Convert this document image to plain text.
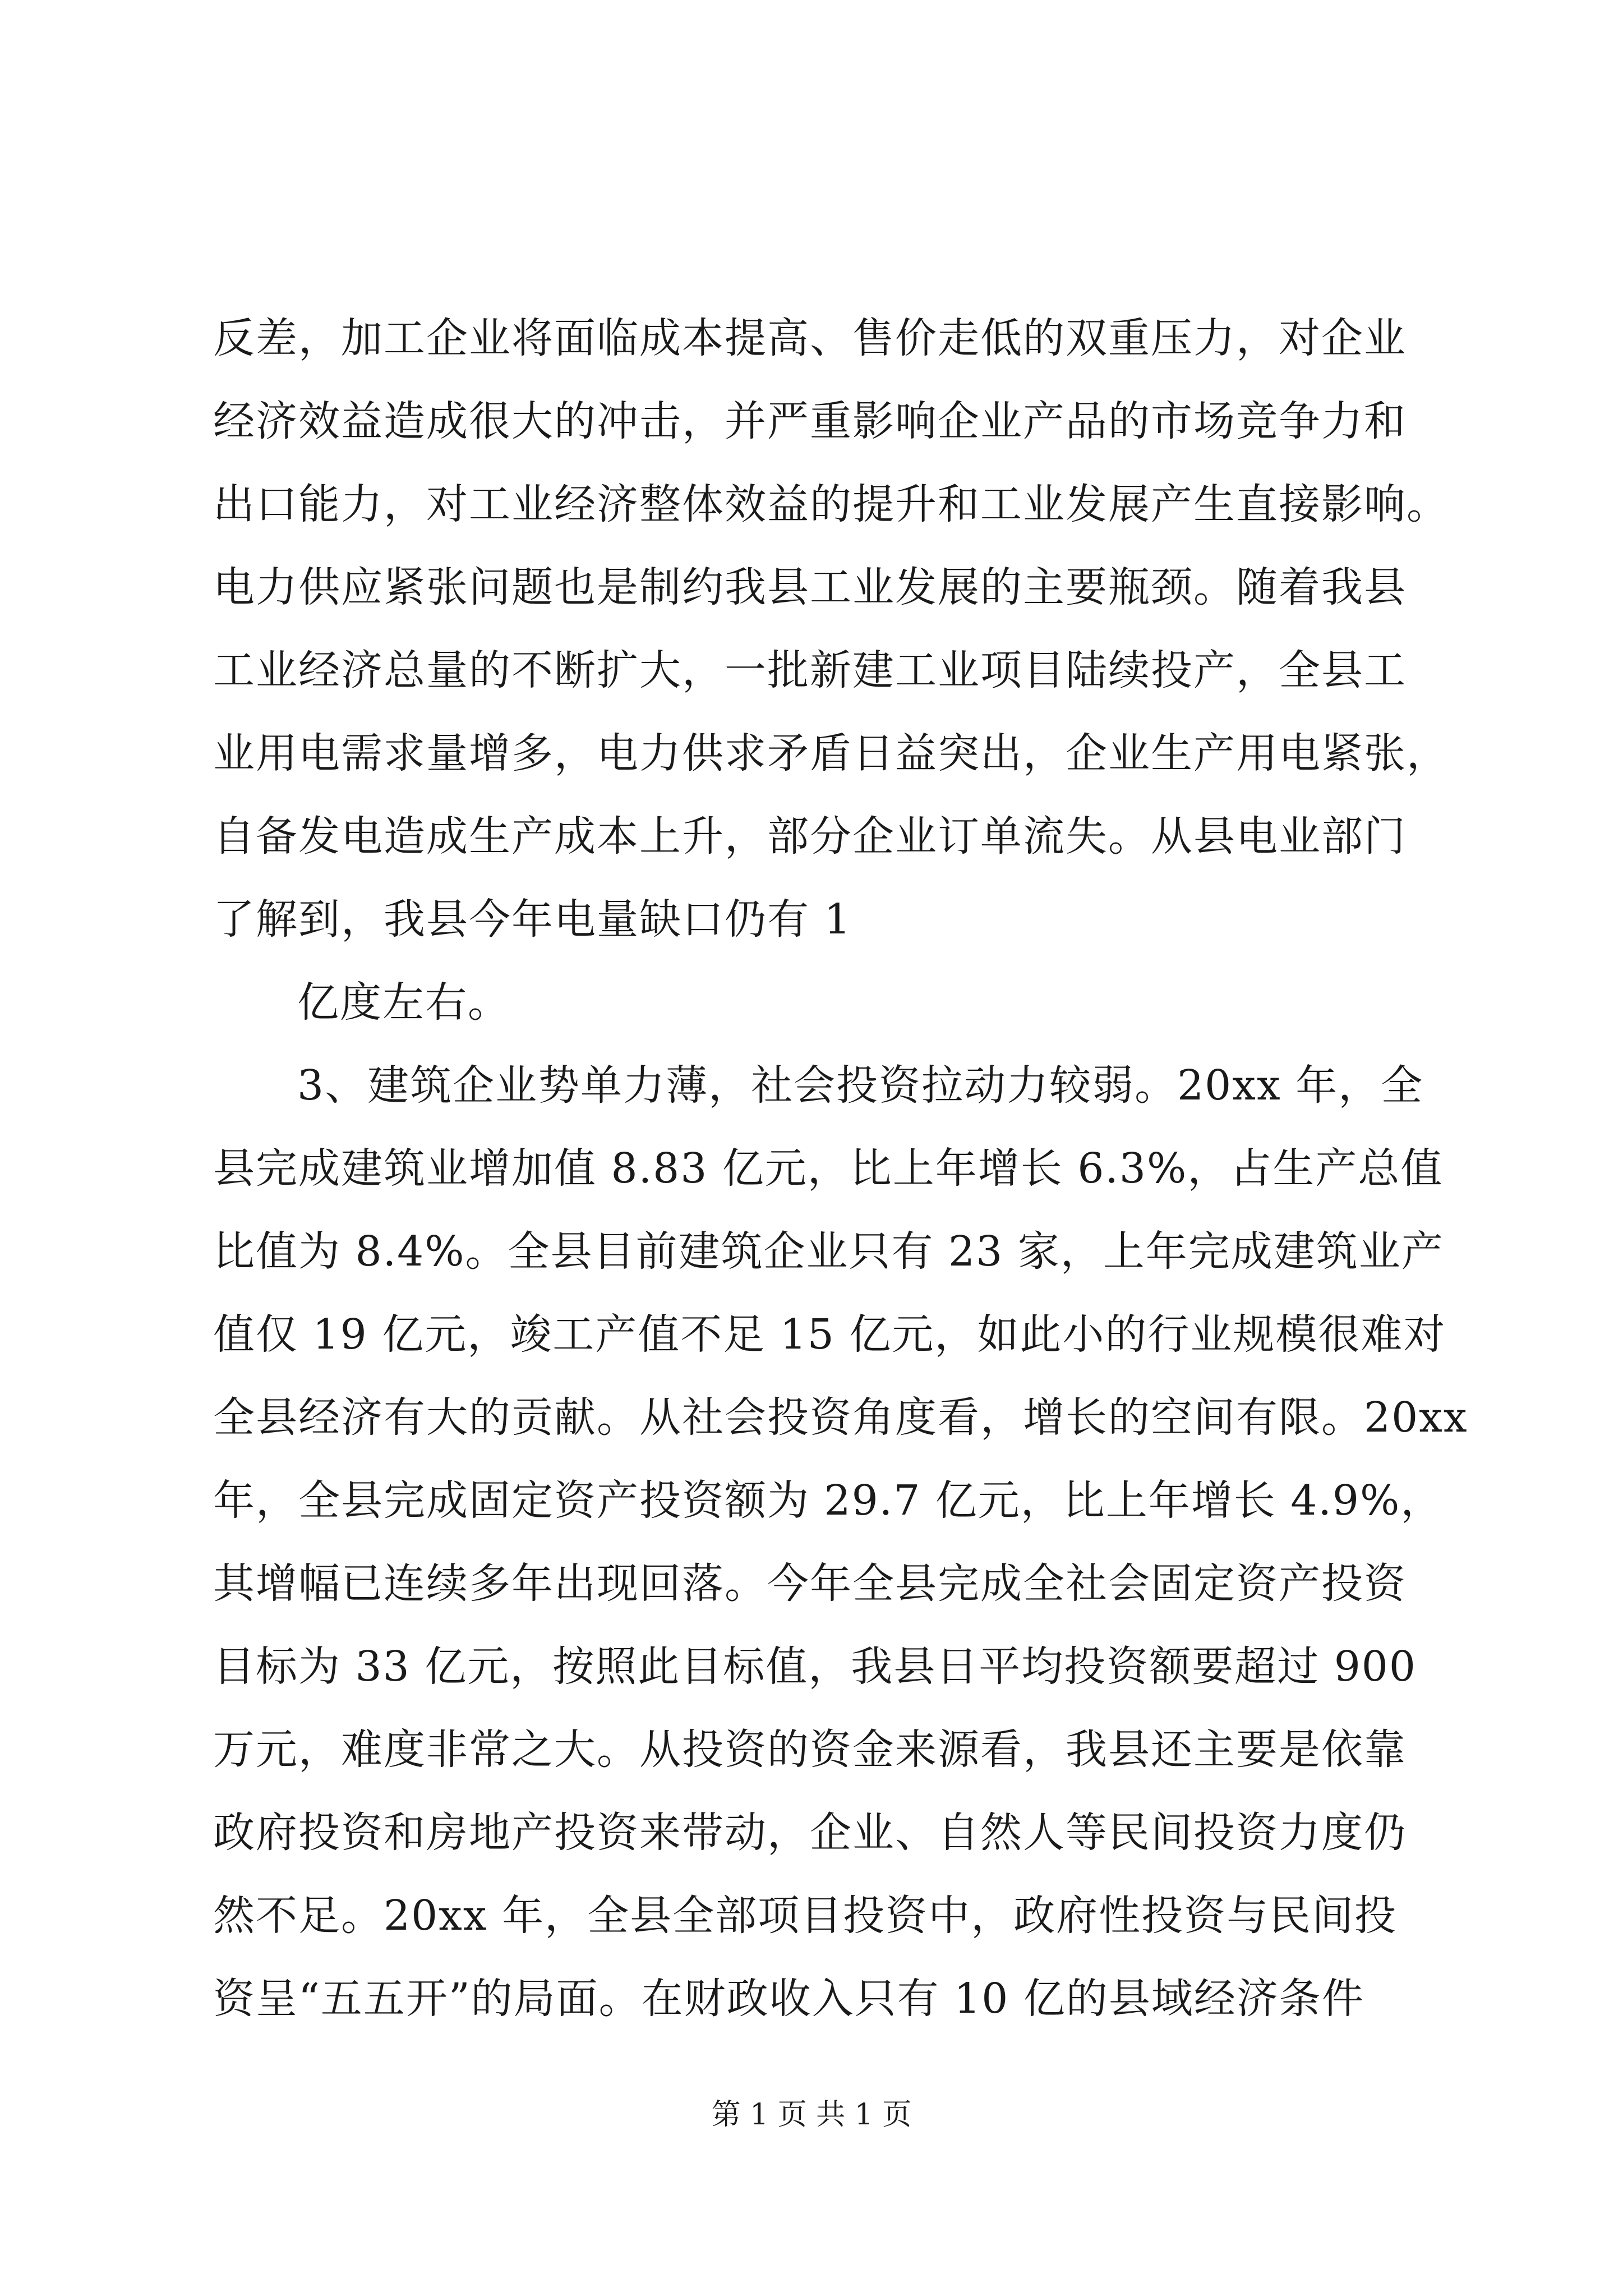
反差，加工企业将面临成本提高、售价走低的双重压力，对企业
经济效益造成很大的冲击，并严重影响企业产品的市场竞争力和
出口能力，对工业经济整体效益的提升和工业发展产生直接影响。
电力供应紧张问题也是制约我县工业发展的主要瓶颈。随着我县
工业经济总量的不断扩大，一批新建工业项目陆续投产，全县工
业用电需求量增多，电力供求矛盾日益突出，企业生产用电紧张，
自备发电造成生产成本上升，部分企业订单流失。从县电业部门
了解到，我县今年电量缺口仍有 1
亿度左右。
3、建筑企业势单力薄，社会投资拉动力较弱。20xx 年，全
县完成建筑业增加值 8.83 亿元，比上年增长 6.3%，占生产总值
比值为 8.4%。全县目前建筑企业只有 23 家，上年完成建筑业产
值仅 19 亿元，竣工产值不足 15 亿元，如此小的行业规模很难对
全县经济有大的贡献。从社会投资角度看，增长的空间有限。20xx
年，全县完成固定资产投资额为 29.7 亿元，比上年增长 4.9%，
其增幅已连续多年出现回落。今年全县完成全社会固定资产投资
目标为 33 亿元，按照此目标值，我县日平均投资额要超过 900
万元，难度非常之大。从投资的资金来源看，我县还主要是依靠
政府投资和房地产投资来带动，企业、自然人等民间投资力度仍
然不足。20xx 年，全县全部项目投资中，政府性投资与民间投
资呈“五五开”的局面。在财政收入只有 10 亿的县域经济条件
第 1 页 共 1 页
